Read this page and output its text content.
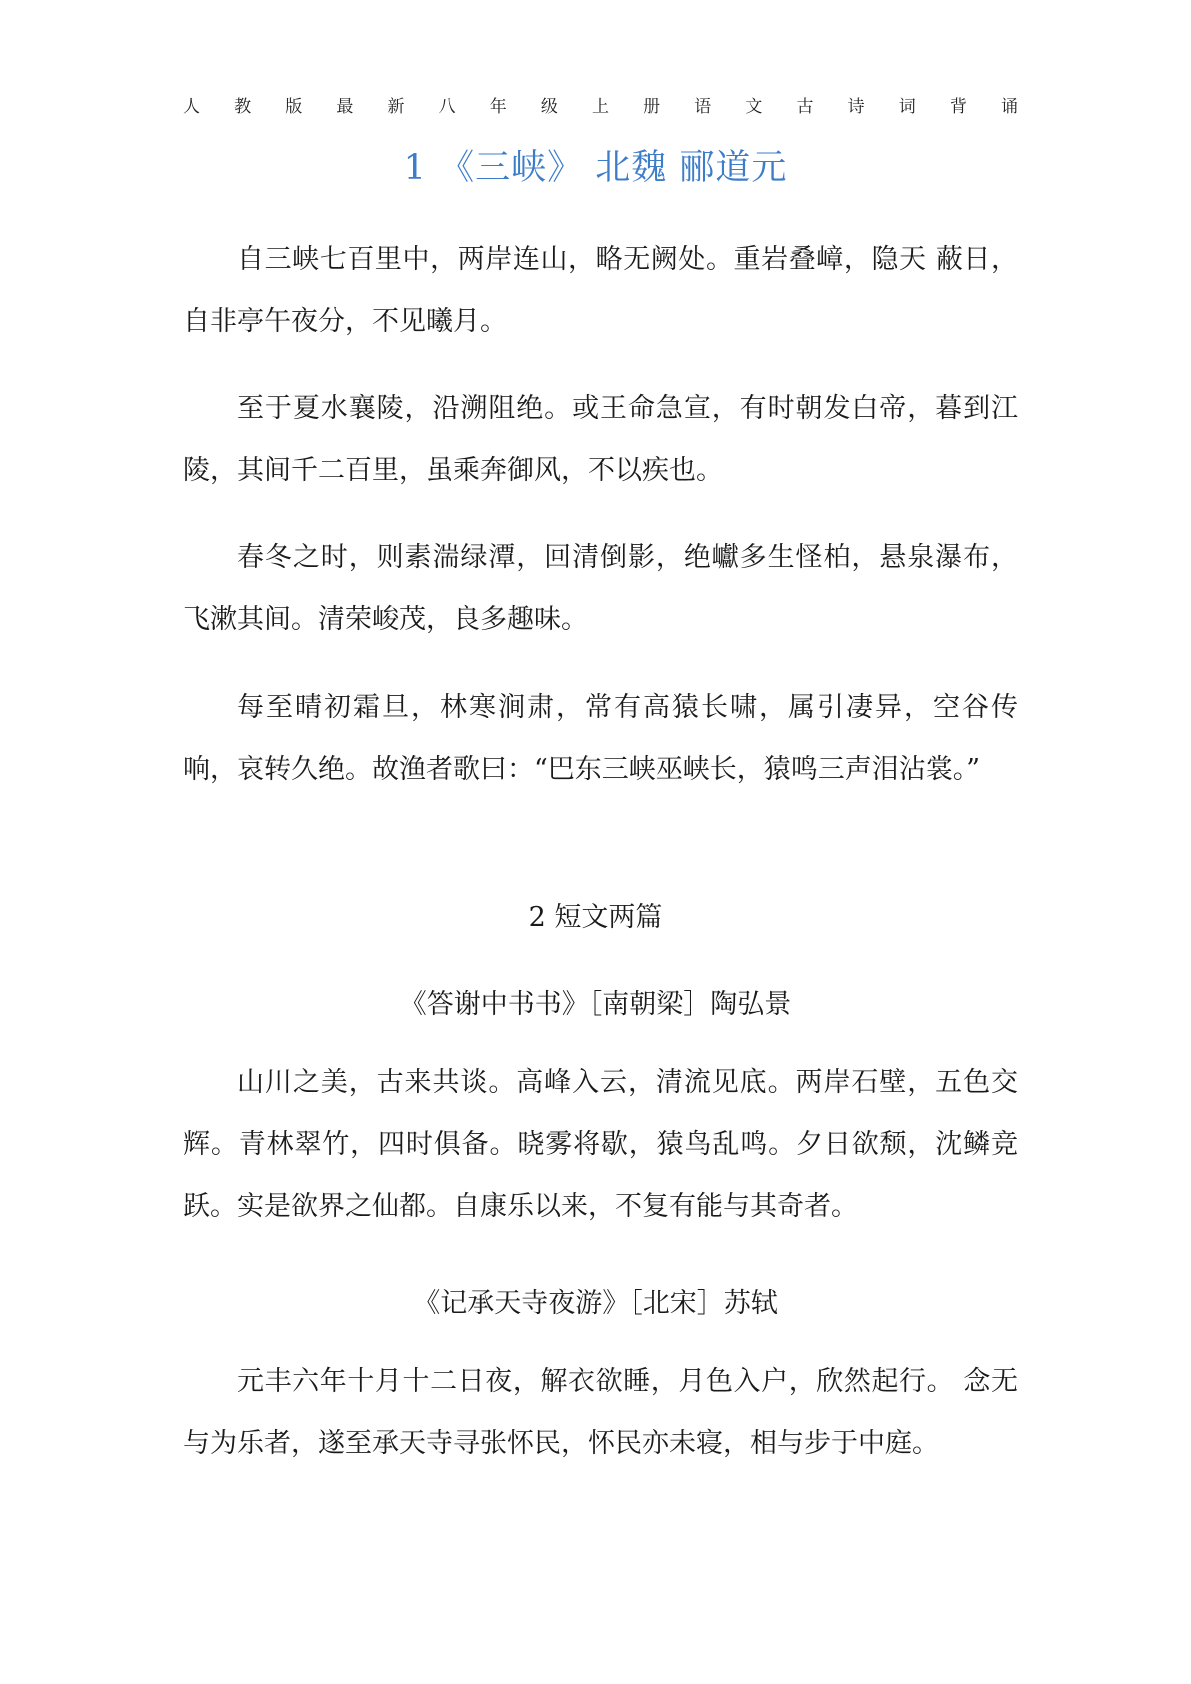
人 教 版 最 新 八 年 级 上 册 语 文 古 诗 词 背 诵
1 《三峡》 北魏 郦道元

自三峡七百里中，两岸连山，略无阙处。重岩叠嶂，隐天 蔽日，自非亭午夜分，不见曦月。

至于夏水襄陵，沿溯阻绝。或王命急宣，有时朝发白帝，暮到江陵，其间千二百里，虽乘奔御风，不以疾也。

春冬之时，则素湍绿潭，回清倒影，绝巘多生怪柏，悬泉瀑布，飞漱其间。清荣峻茂，良多趣味。

每至晴初霜旦，林寒涧肃，常有高猿长啸，属引凄异，空谷传响，哀转久绝。故渔者歌曰：“巴东三峡巫峡长，猿鸣三声泪沾裳。”

2 短文两篇
《答谢中书书》［南朝梁］陶弘景

山川之美，古来共谈。高峰入云，清流见底。两岸石壁，五色交辉。青林翠竹，四时俱备。晓雾将歇，猿鸟乱鸣。夕日欲颓，沈鳞竞跃。实是欲界之仙都。自康乐以来，不复有能与其奇者。

《记承天寺夜游》［北宋］苏轼

元丰六年十月十二日夜，解衣欲睡，月色入户，欣然起行。 念无与为乐者，遂至承天寺寻张怀民，怀民亦未寝，相与步于中庭。
